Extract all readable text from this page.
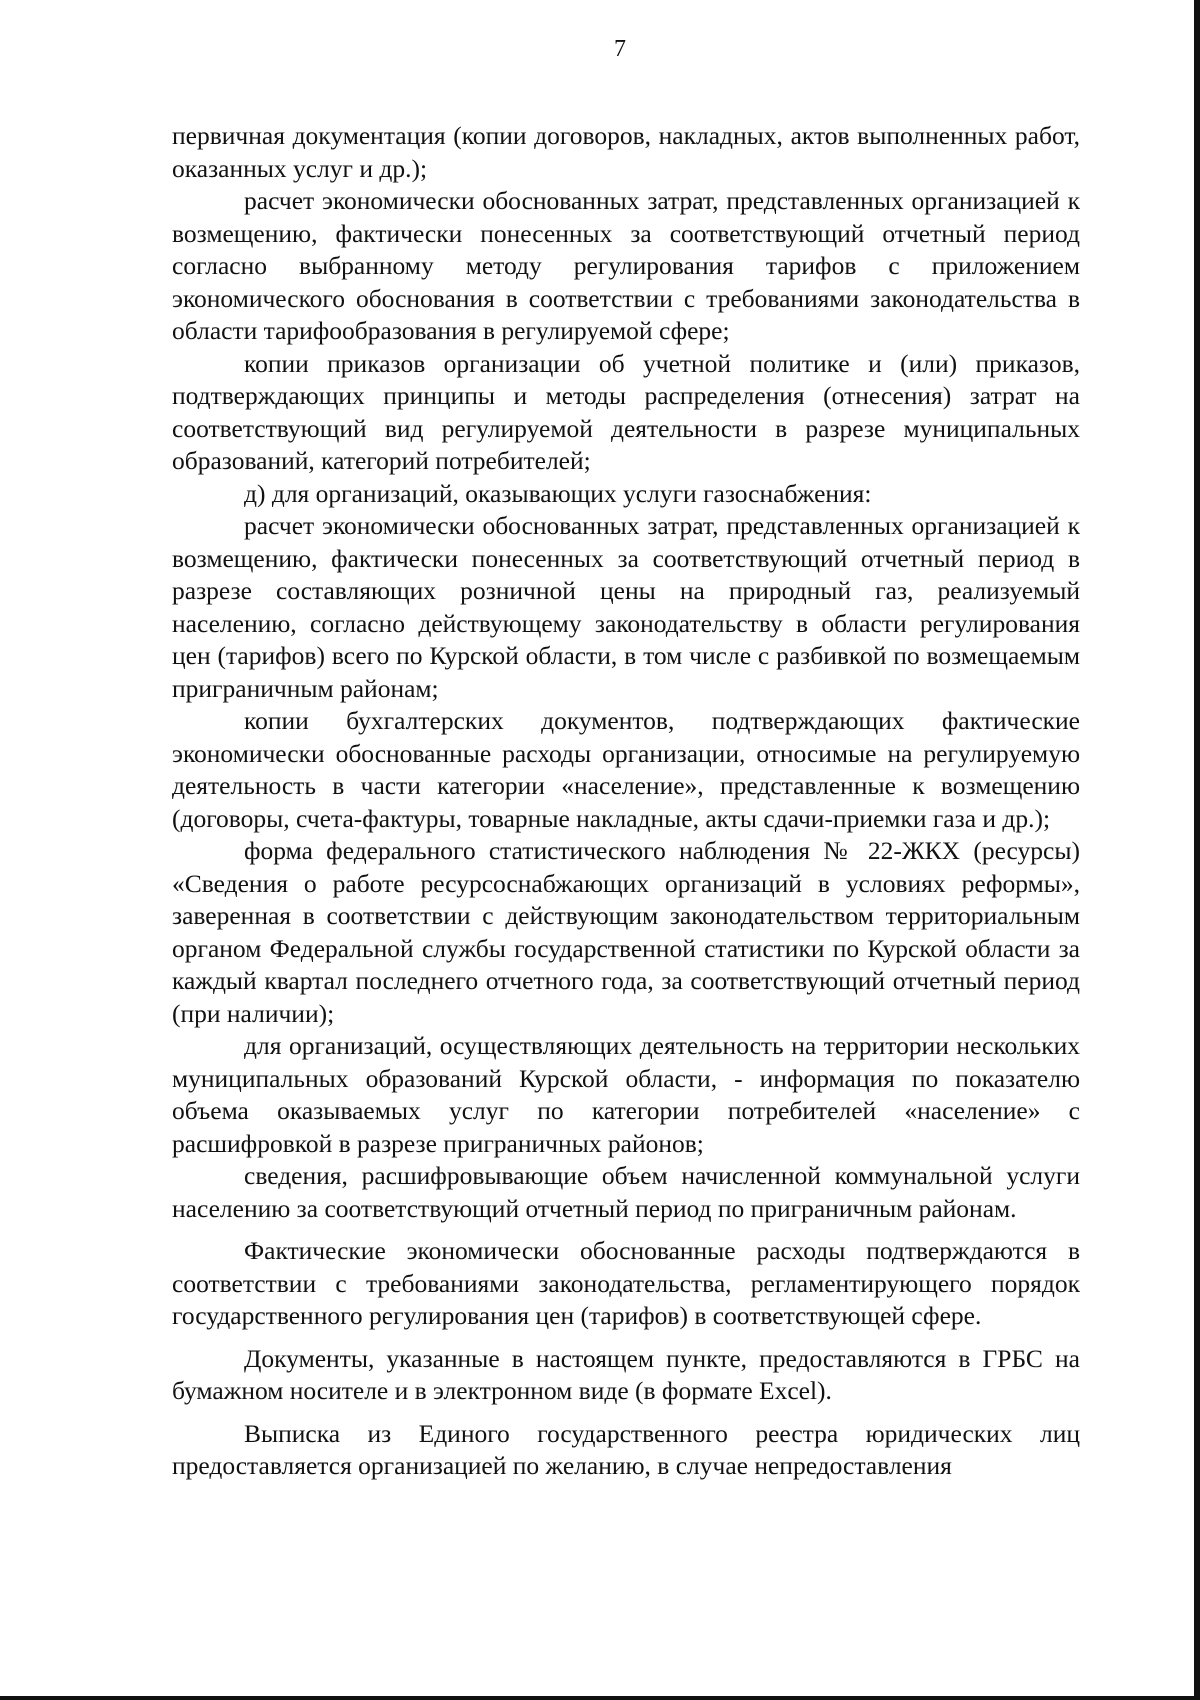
7

первичная документация (копии договоров, накладных, актов выполненных работ, оказанных услуг и др.);

расчет экономически обоснованных затрат, представленных организацией к возмещению, фактически понесенных за соответствующий отчетный период согласно выбранному методу регулирования тарифов с приложением экономического обоснования в соответствии с требованиями законодательства в области тарифообразования в регулируемой сфере;

копии приказов организации об учетной политике и (или) приказов, подтверждающих принципы и методы распределения (отнесения) затрат на соответствующий вид регулируемой деятельности в разрезе муниципальных образований, категорий потребителей;

д) для организаций, оказывающих услуги газоснабжения:

расчет экономически обоснованных затрат, представленных организацией к возмещению, фактически понесенных за соответствующий отчетный период в разрезе составляющих розничной цены на природный газ, реализуемый населению, согласно действующему законодательству в области регулирования цен (тарифов) всего по Курской области, в том числе с разбивкой по возмещаемым приграничным районам;

копии бухгалтерских документов, подтверждающих фактические экономически обоснованные расходы организации, относимые на регулируемую деятельность в части категории «население», представленные к возмещению (договоры, счета-фактуры, товарные накладные, акты сдачи-приемки газа и др.);

форма федерального статистического наблюдения № 22-ЖКХ (ресурсы) «Сведения о работе ресурсоснабжающих организаций в условиях реформы», заверенная в соответствии с действующим законодательством территориальным органом Федеральной службы государственной статистики по Курской области за каждый квартал последнего отчетного года, за соответствующий отчетный период (при наличии);

для организаций, осуществляющих деятельность на территории нескольких муниципальных образований Курской области, - информация по показателю объема оказываемых услуг по категории потребителей «население» с расшифровкой в разрезе приграничных районов;

сведения, расшифровывающие объем начисленной коммунальной услуги населению за соответствующий отчетный период по приграничным районам.

Фактические экономически обоснованные расходы подтверждаются в соответствии с требованиями законодательства, регламентирующего порядок государственного регулирования цен (тарифов) в соответствующей сфере.

Документы, указанные в настоящем пункте, предоставляются в ГРБС на бумажном носителе и в электронном виде (в формате Excel).

Выписка из Единого государственного реестра юридических лиц предоставляется организацией по желанию, в случае непредоставления
